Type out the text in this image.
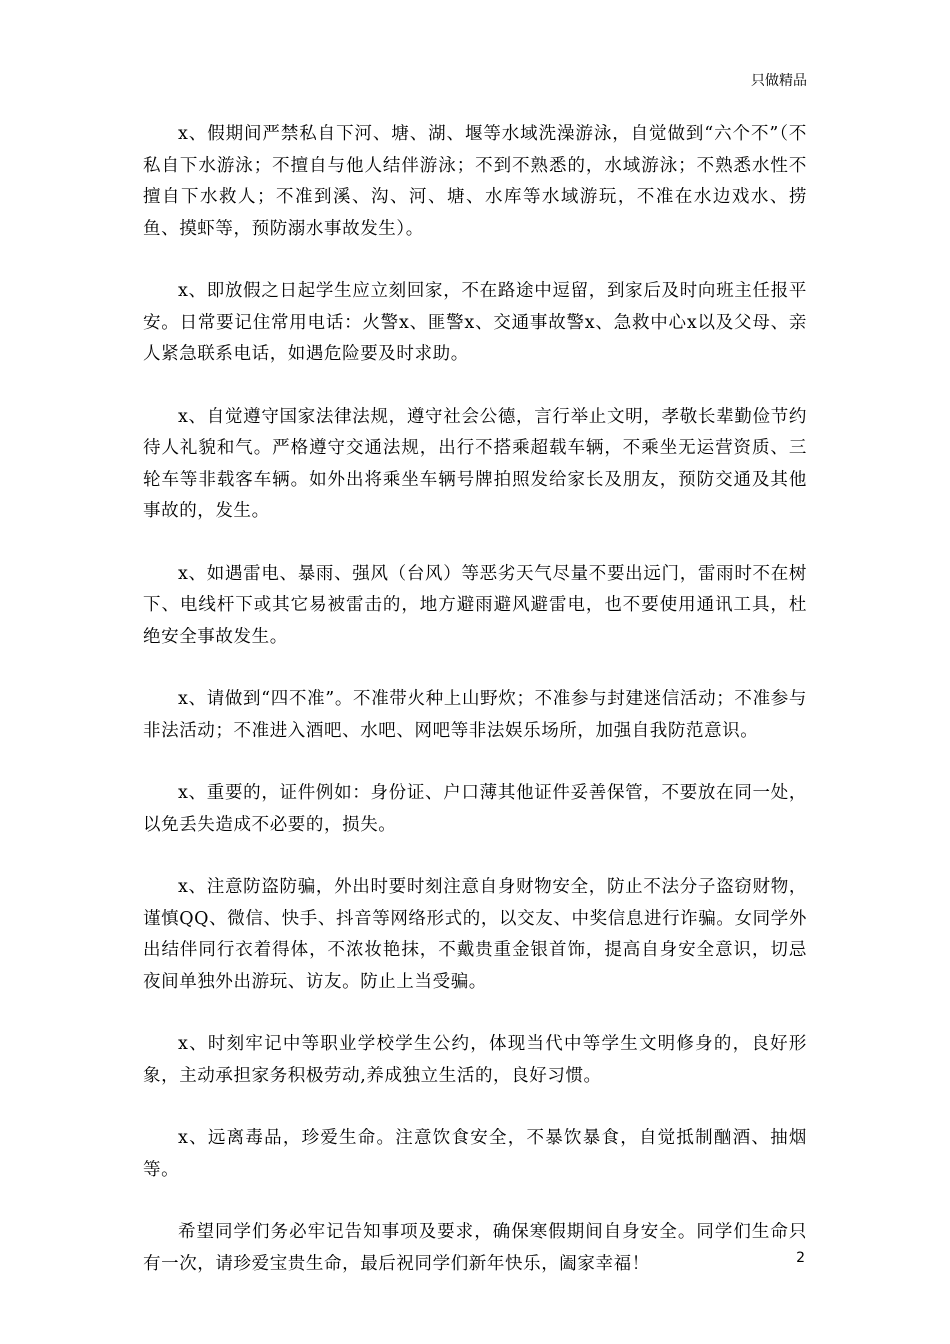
只做精品

x、假期间严禁私自下河、塘、湖、堰等水域洗澡游泳，自觉做到“六个不”（不私自下水游泳；不擅自与他人结伴游泳；不到不熟悉的，水域游泳；不熟悉水性不擅自下水救人；不准到溪、沟、河、塘、水库等水域游玩，不准在水边戏水、捞鱼、摸虾等，预防溺水事故发生）。

x、即放假之日起学生应立刻回家，不在路途中逗留，到家后及时向班主任报平安。日常要记住常用电话：火警x、匪警x、交通事故警x、急救中心x以及父母、亲人紧急联系电话，如遇危险要及时求助。

x、自觉遵守国家法律法规，遵守社会公德，言行举止文明，孝敬长辈勤俭节约待人礼貌和气。严格遵守交通法规，出行不搭乘超载车辆，不乘坐无运营资质、三轮车等非载客车辆。如外出将乘坐车辆号牌拍照发给家长及朋友，预防交通及其他事故的，发生。

x、如遇雷电、暴雨、强风（台风）等恶劣天气尽量不要出远门，雷雨时不在树下、电线杆下或其它易被雷击的，地方避雨避风避雷电，也不要使用通讯工具，杜绝安全事故发生。

x、请做到“四不准”。不准带火种上山野炊；不准参与封建迷信活动；不准参与非法活动；不准进入酒吧、水吧、网吧等非法娱乐场所，加强自我防范意识。

x、重要的，证件例如：身份证、户口薄其他证件妥善保管，不要放在同一处，以免丢失造成不必要的，损失。

x、注意防盗防骗，外出时要时刻注意自身财物安全，防止不法分子盗窃财物，谨慎QQ、微信、快手、抖音等网络形式的，以交友、中奖信息进行诈骗。女同学外出结伴同行衣着得体，不浓妆艳抹，不戴贵重金银首饰，提高自身安全意识，切忌夜间单独外出游玩、访友。防止上当受骗。

x、时刻牢记中等职业学校学生公约，体现当代中等学生文明修身的，良好形象，主动承担家务积极劳动,养成独立生活的，良好习惯。

x、远离毒品，珍爱生命。注意饮食安全，不暴饮暴食，自觉抵制酗酒、抽烟等。

希望同学们务必牢记告知事项及要求，确保寒假期间自身安全。同学们生命只有一次，请珍爱宝贵生命，最后祝同学们新年快乐，阖家幸福！	2
